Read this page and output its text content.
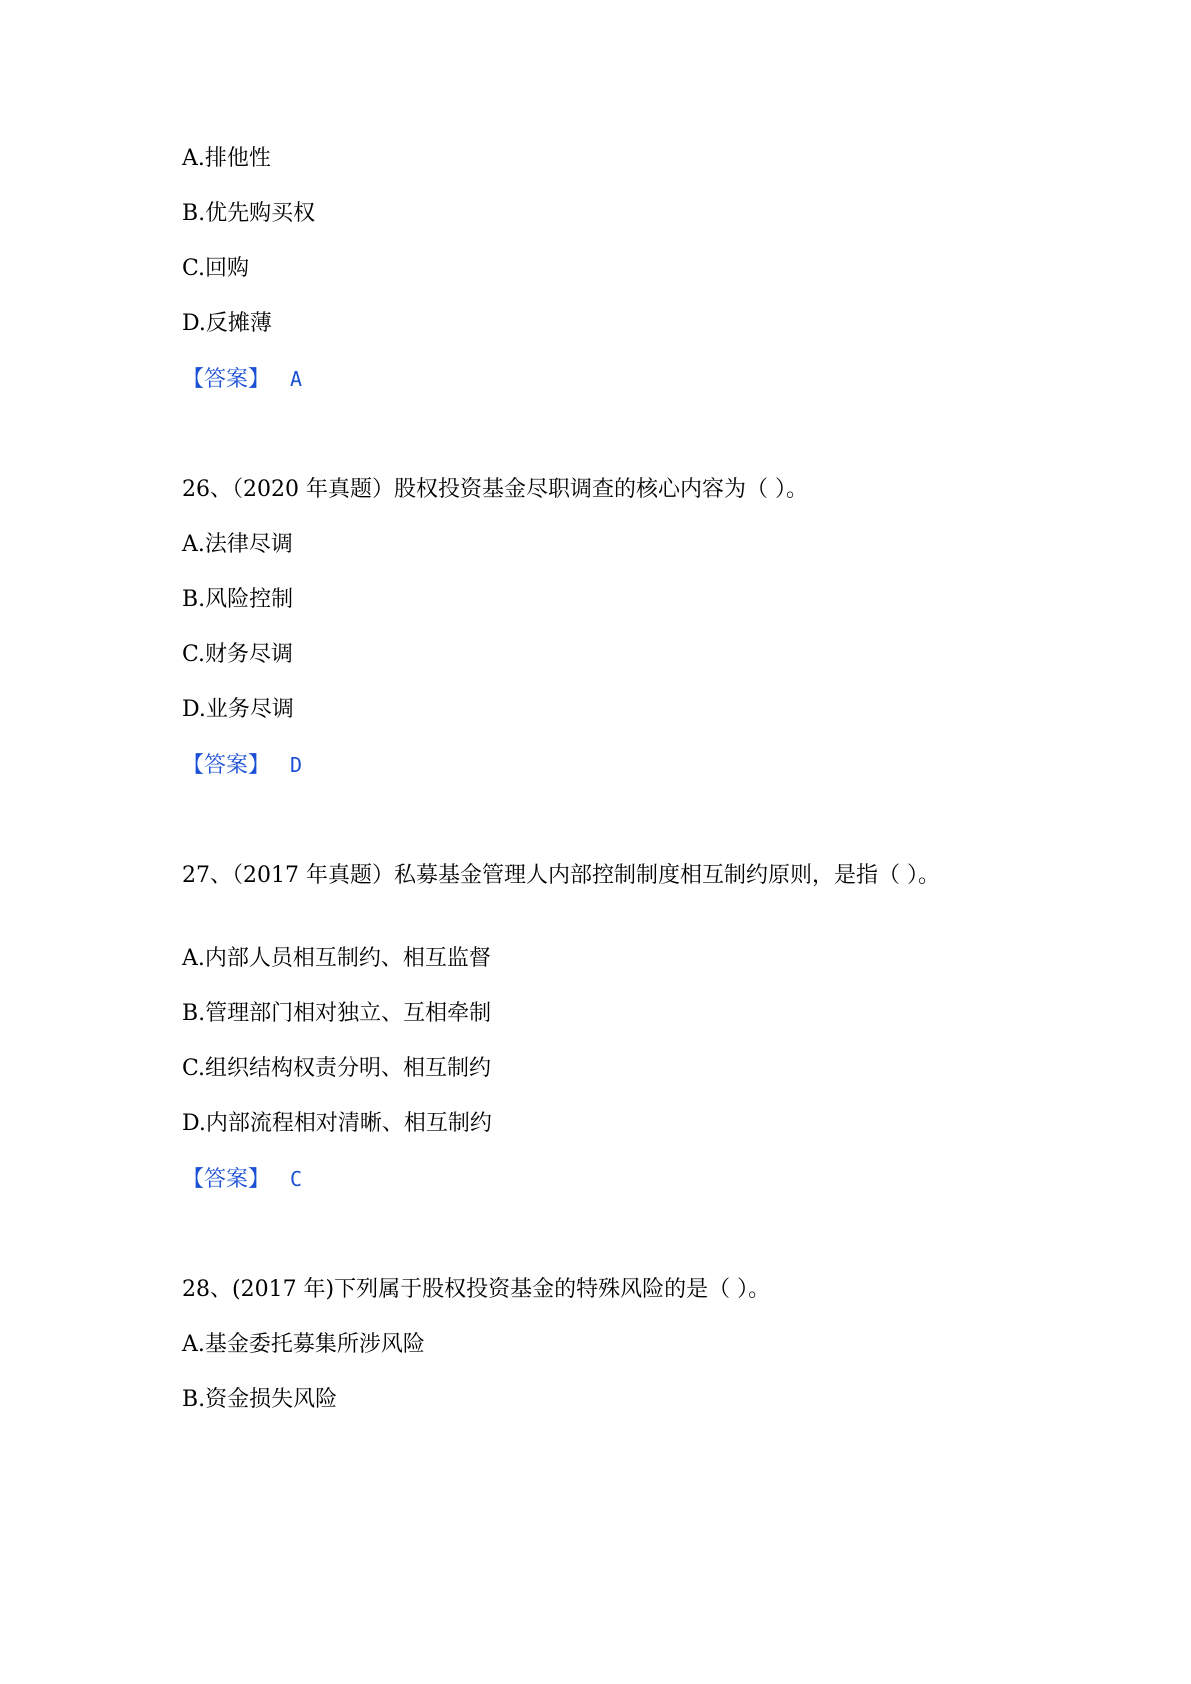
A.排他性
B.优先购买权
C.回购
D.反摊薄
【答案】 A
26、（2020 年真题）股权投资基金尽职调查的核心内容为（ ）。
A.法律尽调
B.风险控制
C.财务尽调
D.业务尽调
【答案】 D
27、（2017 年真题）私募基金管理人内部控制制度相互制约原则，是指（ ）。
A.内部人员相互制约、相互监督
B.管理部门相对独立、互相牵制
C.组织结构权责分明、相互制约
D.内部流程相对清晰、相互制约
【答案】 C
28、(2017 年)下列属于股权投资基金的特殊风险的是（ ）。
A.基金委托募集所涉风险
B.资金损失风险
